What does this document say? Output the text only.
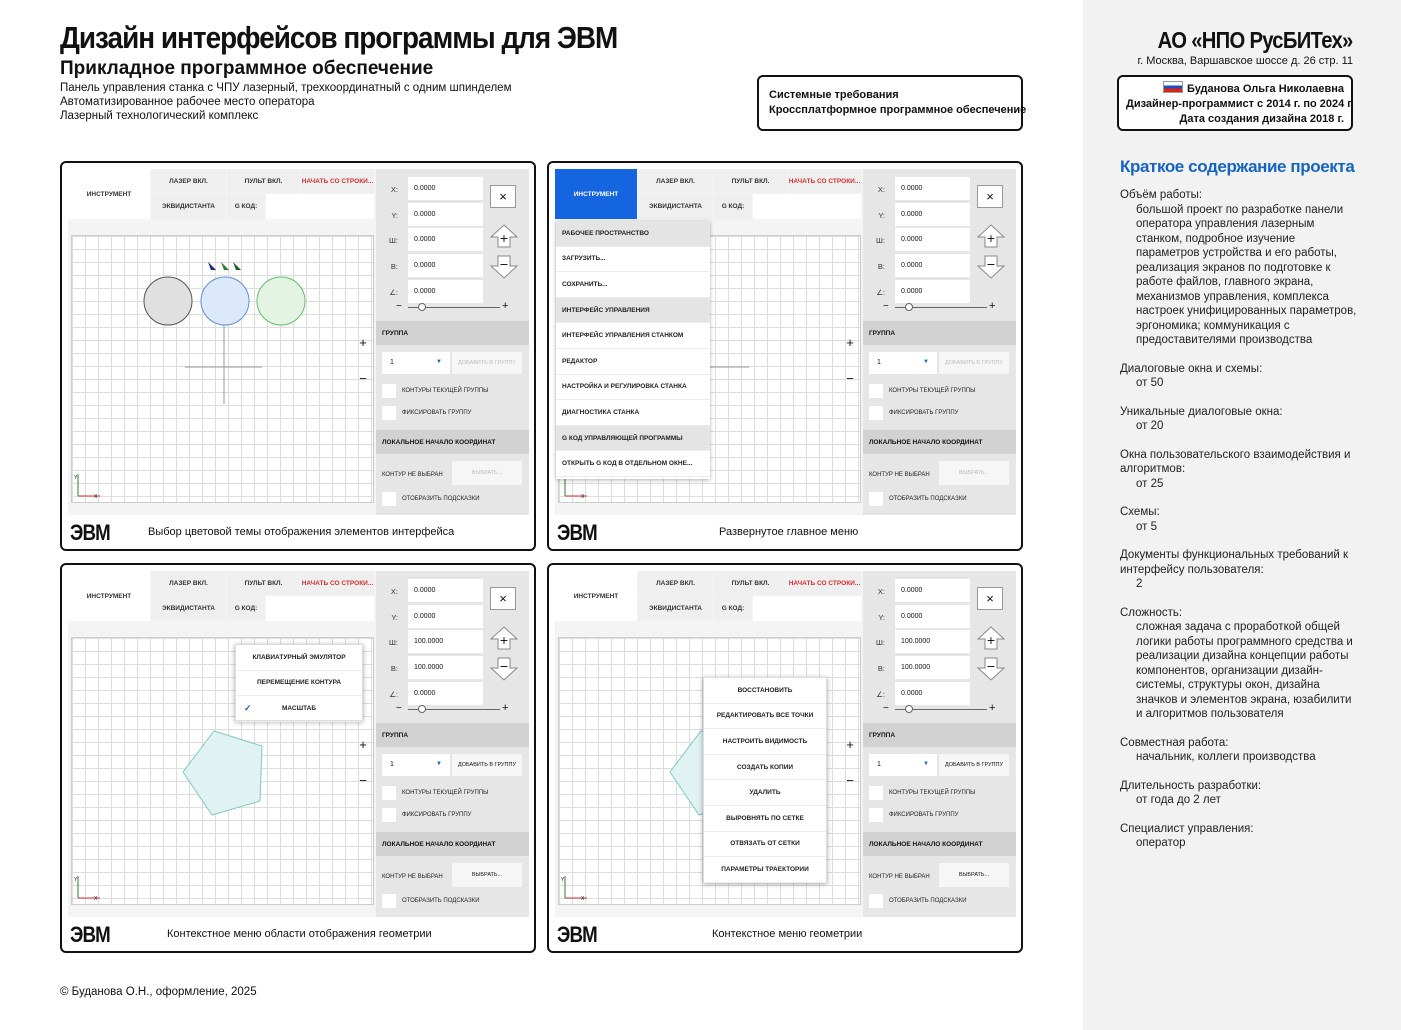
Дизайн интерфейсов программы для ЭВМ
Прикладное программное обеспечение
Панель управления станка с ЧПУ лазерный, трехкоординатный с одним шпинделем
Автоматизированное рабочее место оператора
Лазерный технологический комплекс
Системные требования
Кроссплатформное программное обеспечение
ИНСТРУМЕНТ
ЛАЗЕР ВКЛ.	ПУЛЬТ ВКЛ.	НАЧАТЬ СО СТРОКИ...
ЭКВИДИСТАНТА	G КОД:
X
Y
+
−
X:	0.0000
Y:	0.0000
Ш:	0.0000
В:	0.0000
∠:	0.0000
×
+
−
−	+
ГРУППА
1	▼	ДОБАВИТЬ В ГРУППУ
КОНТУРЫ ТЕКУЩЕЙ ГРУППЫ
ФИКСИРОВАТЬ ГРУППУ
ЛОКАЛЬНОЕ НАЧАЛО КООРДИНАТ
КОНТУР НЕ ВЫБРАН	ВЫБРАТЬ...
ОТОБРАЗИТЬ ПОДСКАЗКИ
ЭВМ	Выбор цветовой темы отображения элементов интерфейса
ИНСТРУМЕНТ
ЛАЗЕР ВКЛ.	ПУЛЬТ ВКЛ.	НАЧАТЬ СО СТРОКИ...
ЭКВИДИСТАНТА	G КОД:
X
+
−
X:	0.0000
Y:	0.0000
Ш:	0.0000
В:	0.0000
∠:	0.0000
×
+
−
−	+
ГРУППА
1	▼	ДОБАВИТЬ В ГРУППУ
КОНТУРЫ ТЕКУЩЕЙ ГРУППЫ
ФИКСИРОВАТЬ ГРУППУ
ЛОКАЛЬНОЕ НАЧАЛО КООРДИНАТ
КОНТУР НЕ ВЫБРАН	ВЫБРАТЬ...
ОТОБРАЗИТЬ ПОДСКАЗКИ
ЭВМ	Развернутое главное меню
РАБОЧЕЕ ПРОСТРАНСТВО
ЗАГРУЗИТЬ...
СОХРАНИТЬ...
ИНТЕРФЕЙС УПРАВЛЕНИЯ
ИНТЕРФЕЙС УПРАВЛЕНИЯ СТАНКОМ
РЕДАКТОР
НАСТРОЙКА И РЕГУЛИРОВКА СТАНКА
ДИАГНОСТИКА СТАНКА
G КОД УПРАВЛЯЮЩЕЙ ПРОГРАММЫ
ОТКРЫТЬ G КОД В ОТДЕЛЬНОМ ОКНЕ...
ИНСТРУМЕНТ
ЛАЗЕР ВКЛ.	ПУЛЬТ ВКЛ.	НАЧАТЬ СО СТРОКИ...
ЭКВИДИСТАНТА	G КОД:
X
Y
+
−
X:	0.0000
Y:	0.0000
Ш:	100.0000
В:	100.0000
∠:	0.0000
×
+
−
−	+
ГРУППА
1	▼	ДОБАВИТЬ В ГРУППУ
КОНТУРЫ ТЕКУЩЕЙ ГРУППЫ
ФИКСИРОВАТЬ ГРУППУ
ЛОКАЛЬНОЕ НАЧАЛО КООРДИНАТ
КОНТУР НЕ ВЫБРАН	ВЫБРАТЬ...
ОТОБРАЗИТЬ ПОДСКАЗКИ
ЭВМ	Контекстное меню области отображения геометрии
КЛАВИАТУРНЫЙ ЭМУЛЯТОР
ПЕРЕМЕЩЕНИЕ КОНТУРА
✓	МАСШТАБ
ИНСТРУМЕНТ
ЛАЗЕР ВКЛ.	ПУЛЬТ ВКЛ.	НАЧАТЬ СО СТРОКИ...
ЭКВИДИСТАНТА	G КОД:
X
Y
+
−
X:	0.0000
Y:	0.0000
Ш:	100.0000
В:	100.0000
∠:	0.0000
×
+
−
−	+
ГРУППА
1	▼	ДОБАВИТЬ В ГРУППУ
КОНТУРЫ ТЕКУЩЕЙ ГРУППЫ
ФИКСИРОВАТЬ ГРУППУ
ЛОКАЛЬНОЕ НАЧАЛО КООРДИНАТ
КОНТУР НЕ ВЫБРАН	ВЫБРАТЬ...
ОТОБРАЗИТЬ ПОДСКАЗКИ
ЭВМ	Контекстное меню геометрии
ВОССТАНОВИТЬ
РЕДАКТИРОВАТЬ ВСЕ ТОЧКИ
НАСТРОИТЬ ВИДИМОСТЬ
СОЗДАТЬ КОПИИ
УДАЛИТЬ
ВЫРОВНЯТЬ ПО СЕТКЕ
ОТВЯЗАТЬ ОТ СЕТКИ
ПАРАМЕТРЫ ТРАЕКТОРИИ
© Буданова О.Н., оформление, 2025
АО «НПО РусБИТех»
г. Москва, Варшавское шоссе д. 26 стр. 11
Буданова Ольга Николаевна
Дизайнер-программист с 2014 г. по 2024 г.
Дата создания дизайна 2018 г.
Краткое содержание проекта
Объём работы:
большой проект по разработке панели оператора управления лазерным станком, подробное изучение параметров устройства и его работы, реализация экранов по подготовке к работе файлов, главного экрана, механизмов управления, комплекса настроек унифицированных параметров, эргономика; коммуникация с предоставителями производства
Диалоговые окна и схемы:
от 50
Уникальные диалоговые окна:
от 20
Окна пользовательского взаимодействия и алгоритмов:
от 25
Схемы:
от 5
Документы функциональных требований к интерфейсу пользователя:
2
Сложность:
сложная задача с проработкой общей логики работы программного средства и реализации дизайна концепции работы компонентов, организации дизайн-системы, структуры окон, дизайна значков и элементов экрана, юзабилити и алгоритмов пользователя
Совместная работа:
начальник, коллеги производства
Длительность разработки:
от года до 2 лет
Специалист управления:
оператор
